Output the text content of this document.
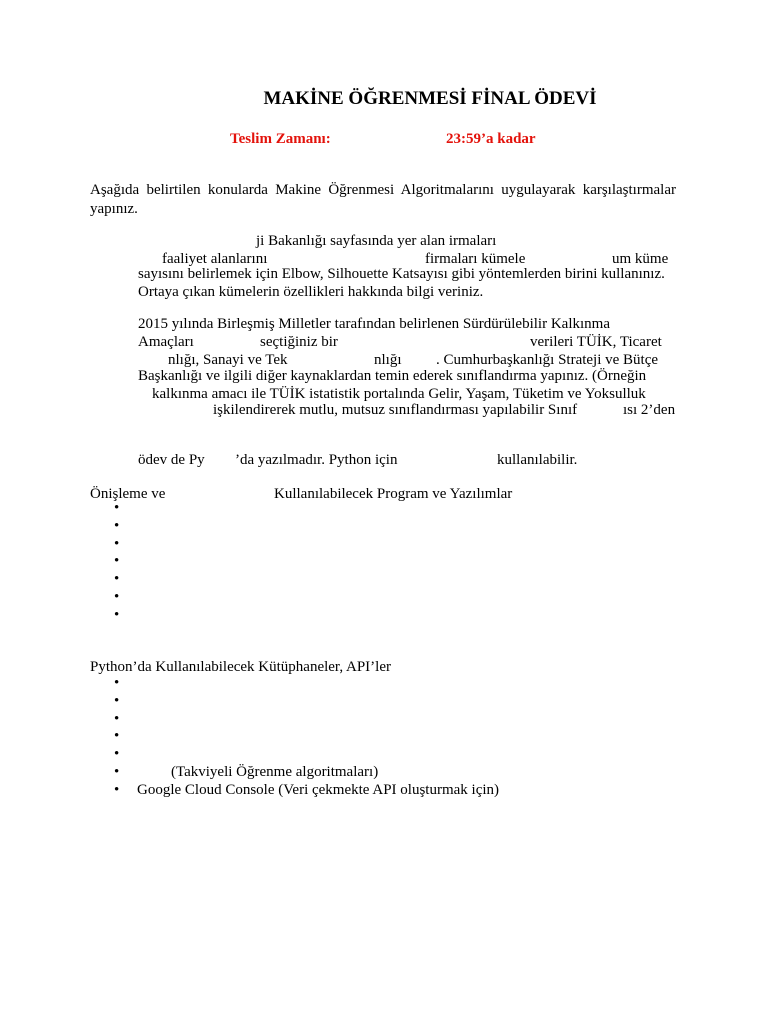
MAKİNE ÖĞRENMESİ FİNAL ÖDEVİ
Teslim Zamanı:	23:59’a kadar
Aşağıda belirtilen konularda Makine Öğrenmesi Algoritmalarını uygulayarak karşılaştırmalar yapınız.
ji Bakanlığı sayfasında yer alan irmaları
faaliyet alanlarını	firmaları kümele	um küme
sayısını belirlemek için Elbow, Silhouette Katsayısı gibi yöntemlerden birini kullanınız.
Ortaya çıkan kümelerin özellikleri hakkında bilgi veriniz.
2015 yılında Birleşmiş Milletler tarafından belirlenen Sürdürülebilir Kalkınma
Amaçları	seçtiğiniz bir	verileri TÜİK, Ticaret
nlığı, Sanayi ve Tek	nlığı . Cumhurbaşkanlığı Strateji ve Bütçe
Başkanlığı ve ilgili diğer kaynaklardan temin ederek sınıflandırma yapınız. (Örneğin
kalkınma amacı ile TÜİK istatistik portalında Gelir, Yaşam, Tüketim ve Yoksulluk
işkilendirerek mutlu, mutsuz sınıflandırması yapılabilir Sınıf	ısı 2’den
ödev de Py ’da yazılmadır. Python için	kullanılabilir.
Önişleme ve	Kullanılabilecek Program ve Yazılımlar
•
•
•
•
•
•
•
Python’da Kullanılabilecek Kütüphaneler, API’ler
•
•
•
•
•
• (Takviyeli Öğrenme algoritmaları)
• Google Cloud Console (Veri çekmekte API oluşturmak için)
